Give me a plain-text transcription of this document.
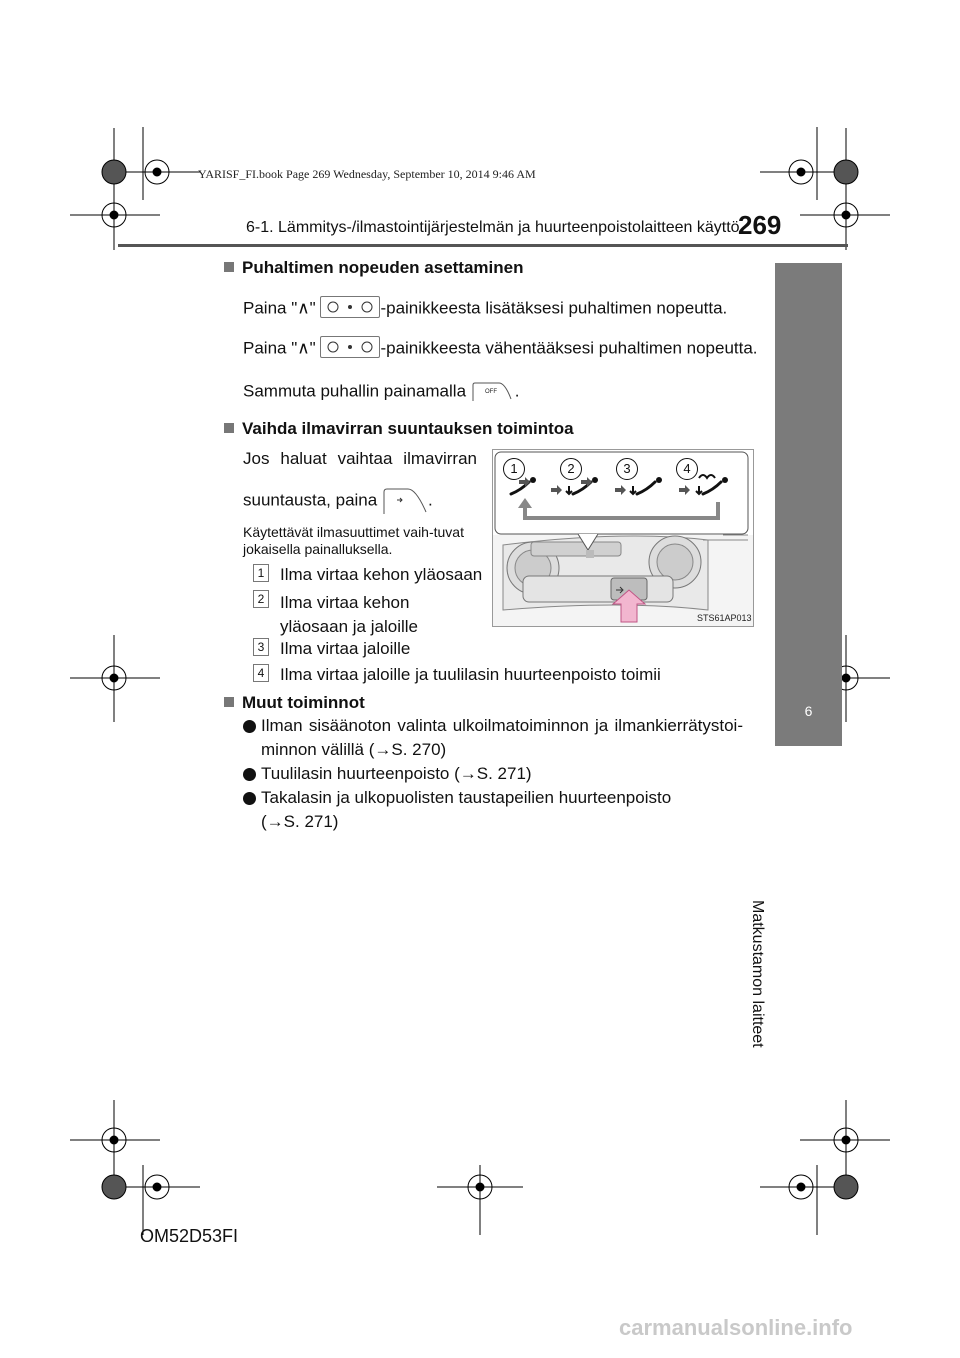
YARISF_FI.book Page 269 Wednesday, September 10, 2014 9:46 AM
6-1. Lämmitys-/ilmastointijärjestelmän ja huurteenpoistolaitteen käyttö
269
6
Matkustamon laitteet
Puhaltimen nopeuden asettaminen
Paina "∧"	-painikkeesta lisätäksesi puhaltimen nopeutta.
Paina "∧"	-painikkeesta vähentääksesi puhaltimen nopeutta.
Sammuta puhallin painamalla	OFF .
Vaihda ilmavirran suuntauksen toimintoa
Jos haluat vaihtaa ilmavirran
suuntausta, paina	.
Käytettävät ilmasuuttimet vaih-tuvat jokaisella painalluksella.
STS61AP013
1	2	3	4
1 Ilma virtaa kehon yläosaan
2 Ilma virtaa kehon yläosaan ja jaloille
3 Ilma virtaa jaloille
4 Ilma virtaa jaloille ja tuulilasin huurteenpoisto toimii
Muut toiminnot
Ilman sisäänoton valinta ulkoilmatoiminnon ja ilmankierrätystoi-minnon välillä (→S. 270)
Tuulilasin huurteenpoisto (→S. 271)
Takalasin ja ulkopuolisten taustapeilien huurteenpoisto (→S. 271)
OM52D53FI
carmanualsonline.info
